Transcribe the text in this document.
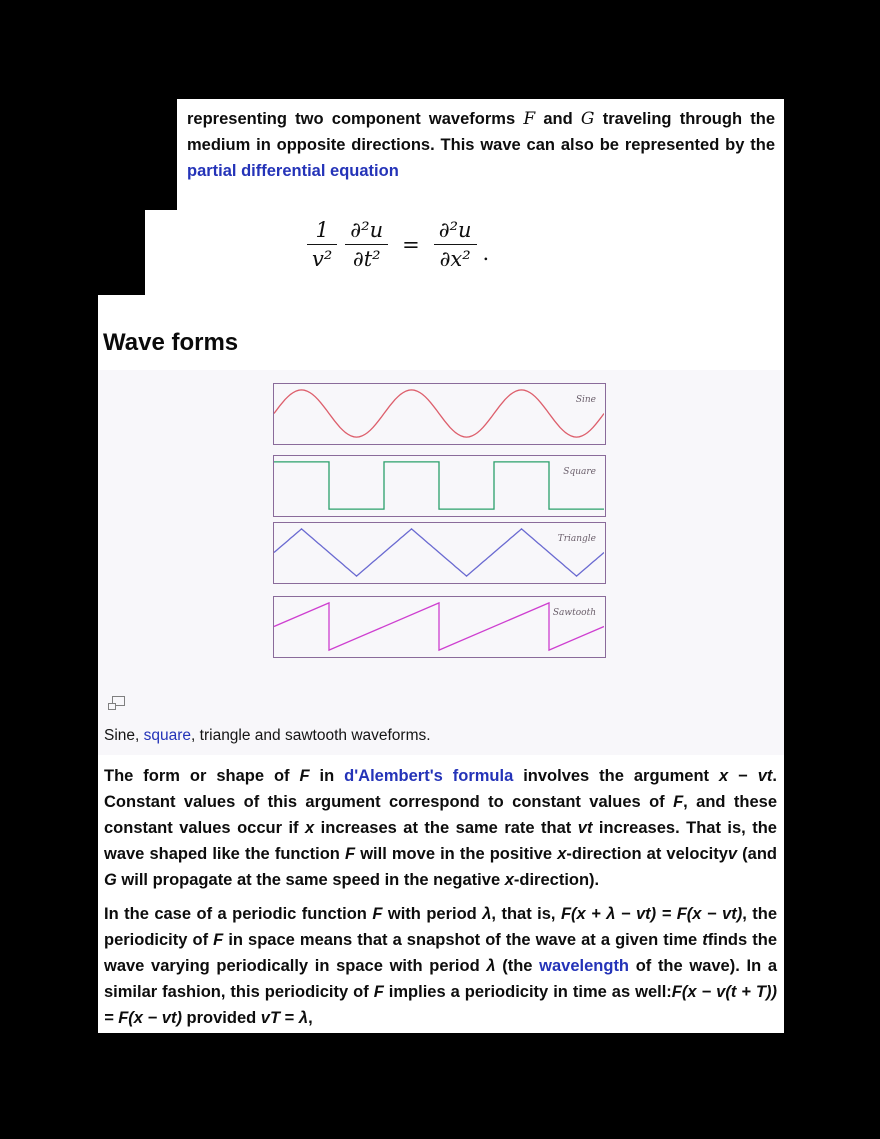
representing two component waveforms F and G traveling through the medium in opposite directions. This wave can also be represented by the partial differential equation

$\frac{1}{\text{v²}} \frac{\text{∂²u}}{\text{∂t²}} = \frac{\text{∂²u}}{\text{∂x²}}$ .
Wave forms
Sine
Square
Triangle
Sawtooth

Sine, square, triangle and sawtooth waveforms.

The form or shape of F in d'Alembert's formula involves the argument x − vt. Constant values of this argument correspond to constant values of F, and these constant values occur if x increases at the same rate that vt increases. That is, the wave shaped like the function F will move in the positive x-direction at velocityv (and G will propagate at the same speed in the negative x-direction).

In the case of a periodic function F with period λ, that is, F(x + λ − vt) = F(x − vt), the periodicity of F in space means that a snapshot of the wave at a given time tfinds the wave varying periodically in space with period λ (the wavelength of the wave). In a similar fashion, this periodicity of F implies a periodicity in time as well:F(x − v(t + T)) = F(x − vt) provided vT = λ,
